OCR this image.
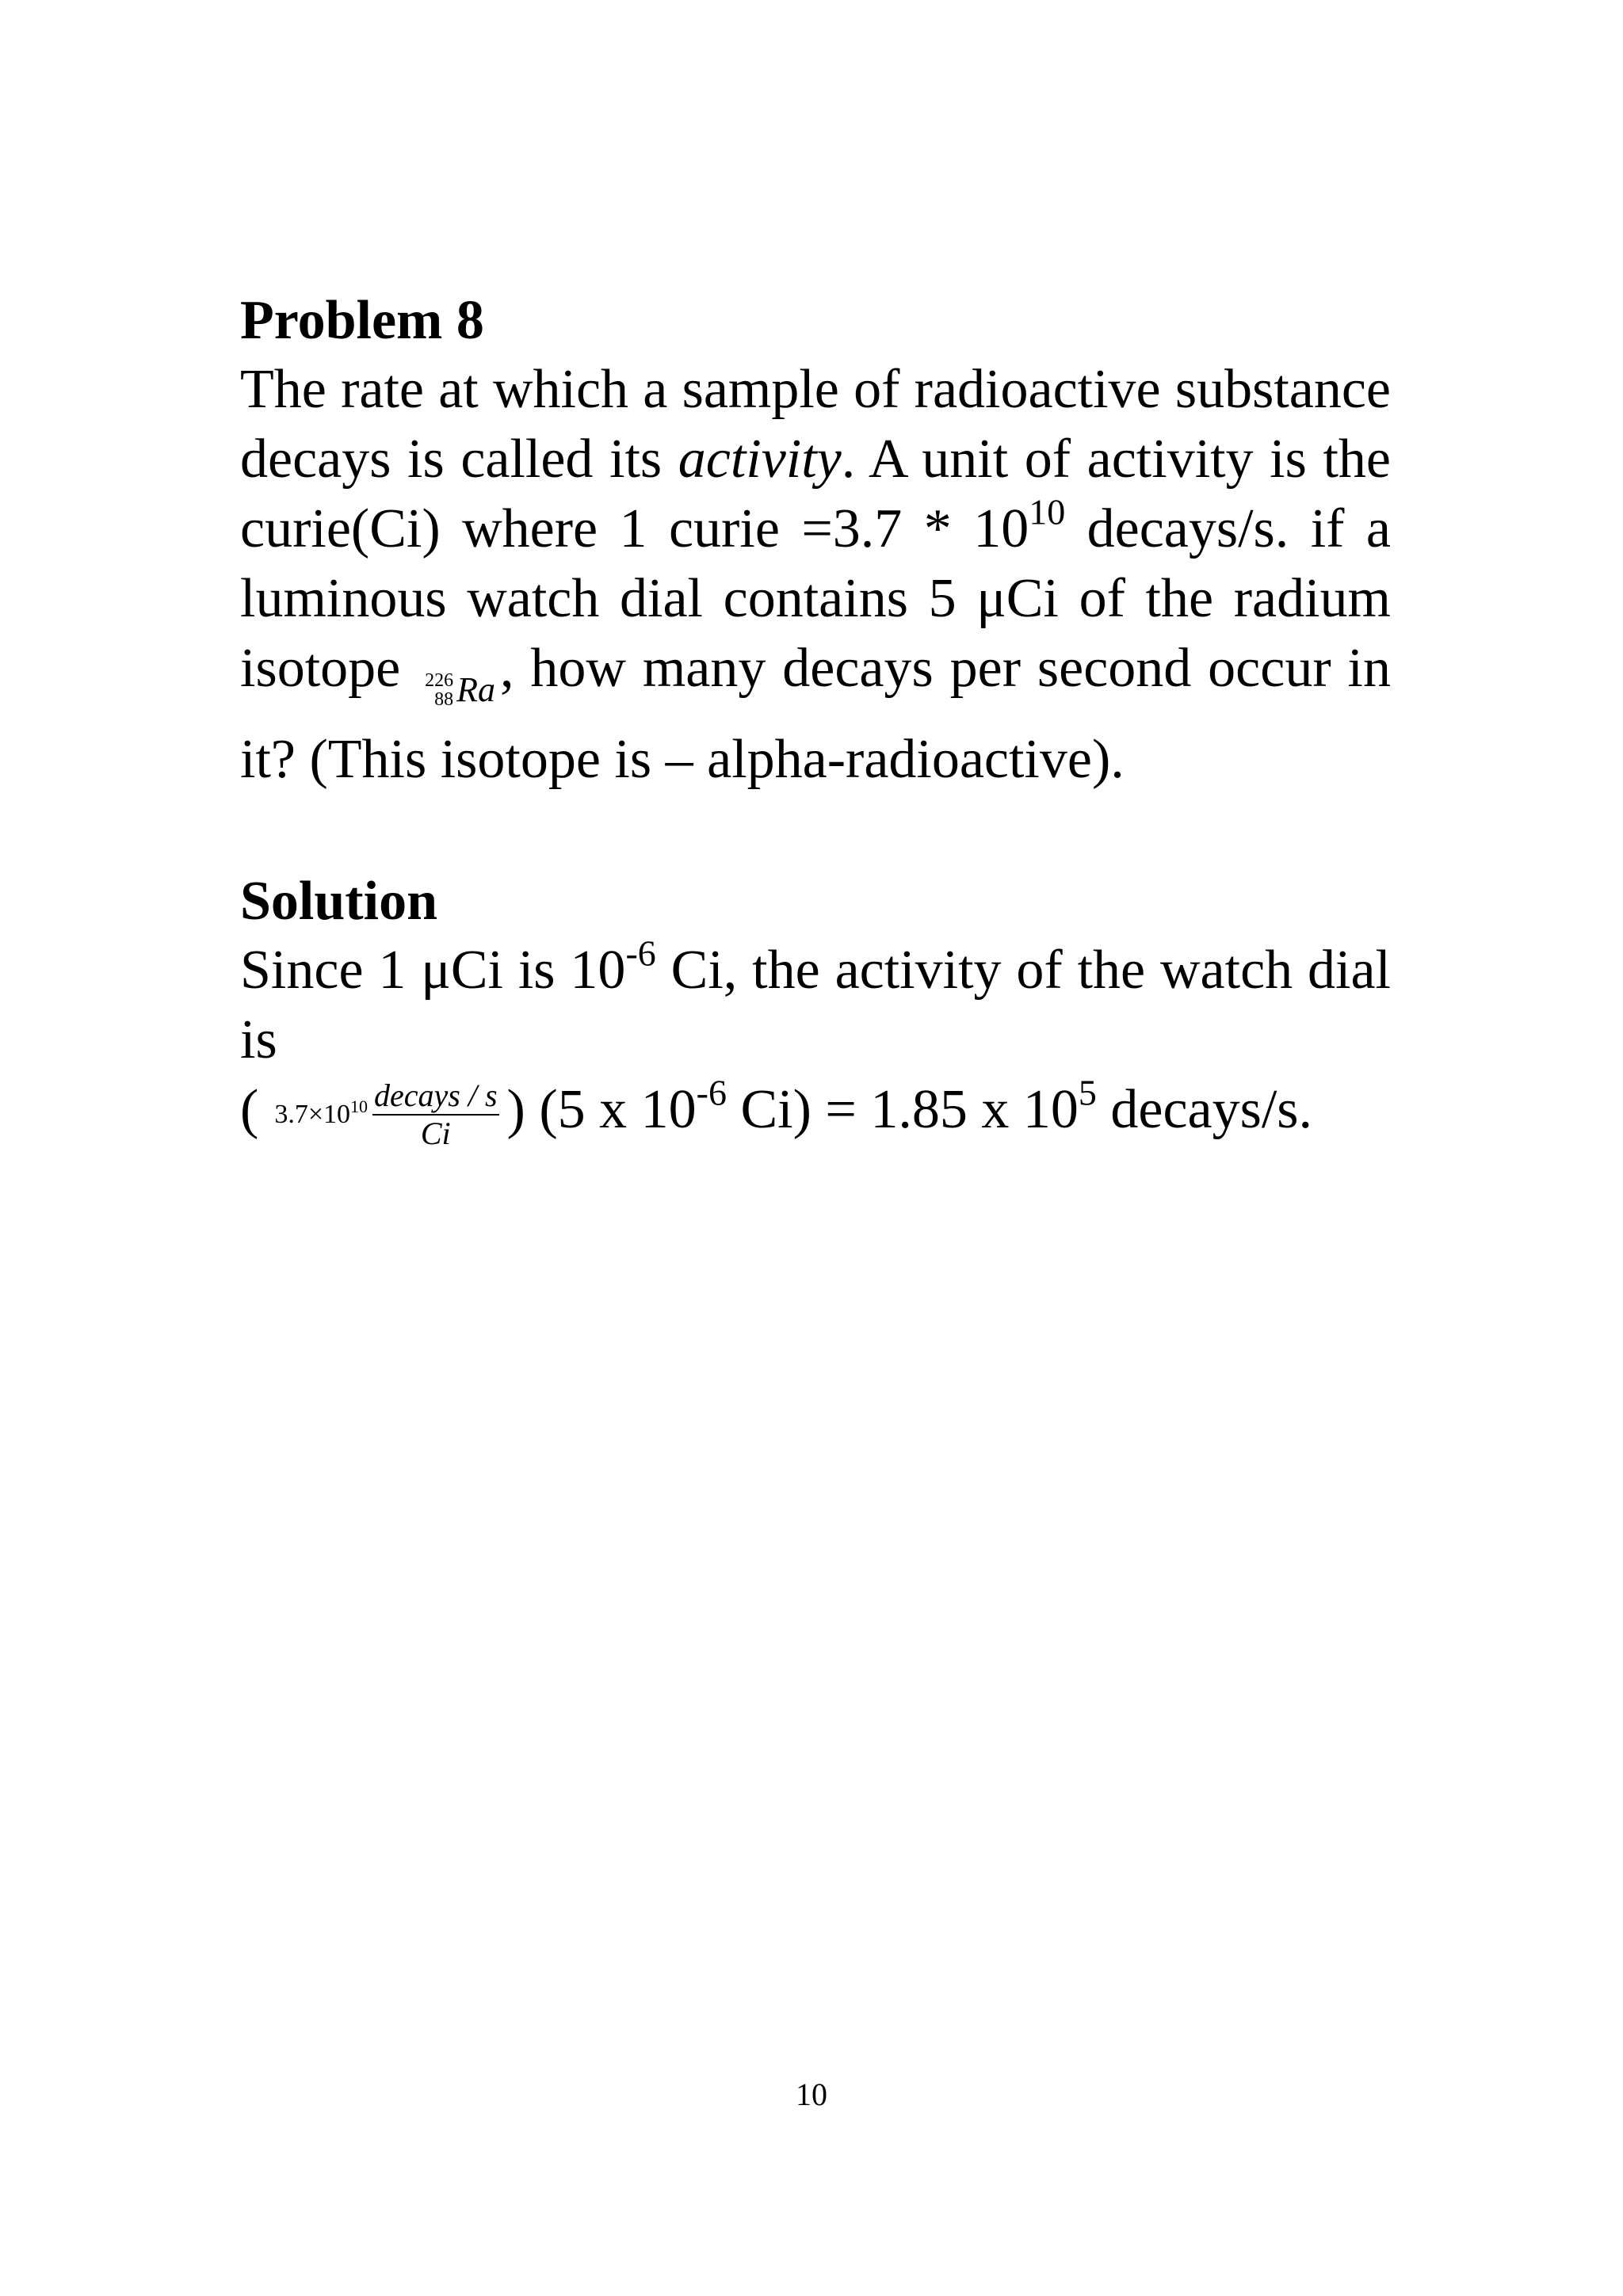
Problem 8

The rate at which a sample of radioactive substance decays is called its activity. A unit of activity is the curie(Ci) where 1 curie $=3.7 * 10^{10}$ decays/s. if a luminous watch dial contains 5 μCi of the radium isotope 226
88 Ra , how many decays per second occur in it? (This isotope is – alpha-radioactive).

Solution

Since 1 μCi is $10^{-6}$ Ci, the activity of the watch dial is
( $3.7\times 10^{10} \frac{\text{decays / s}}{Ci}$ ) (5 x $10^{-6}$ Ci) = 1.85 x $10^5$ decays/s.

10
